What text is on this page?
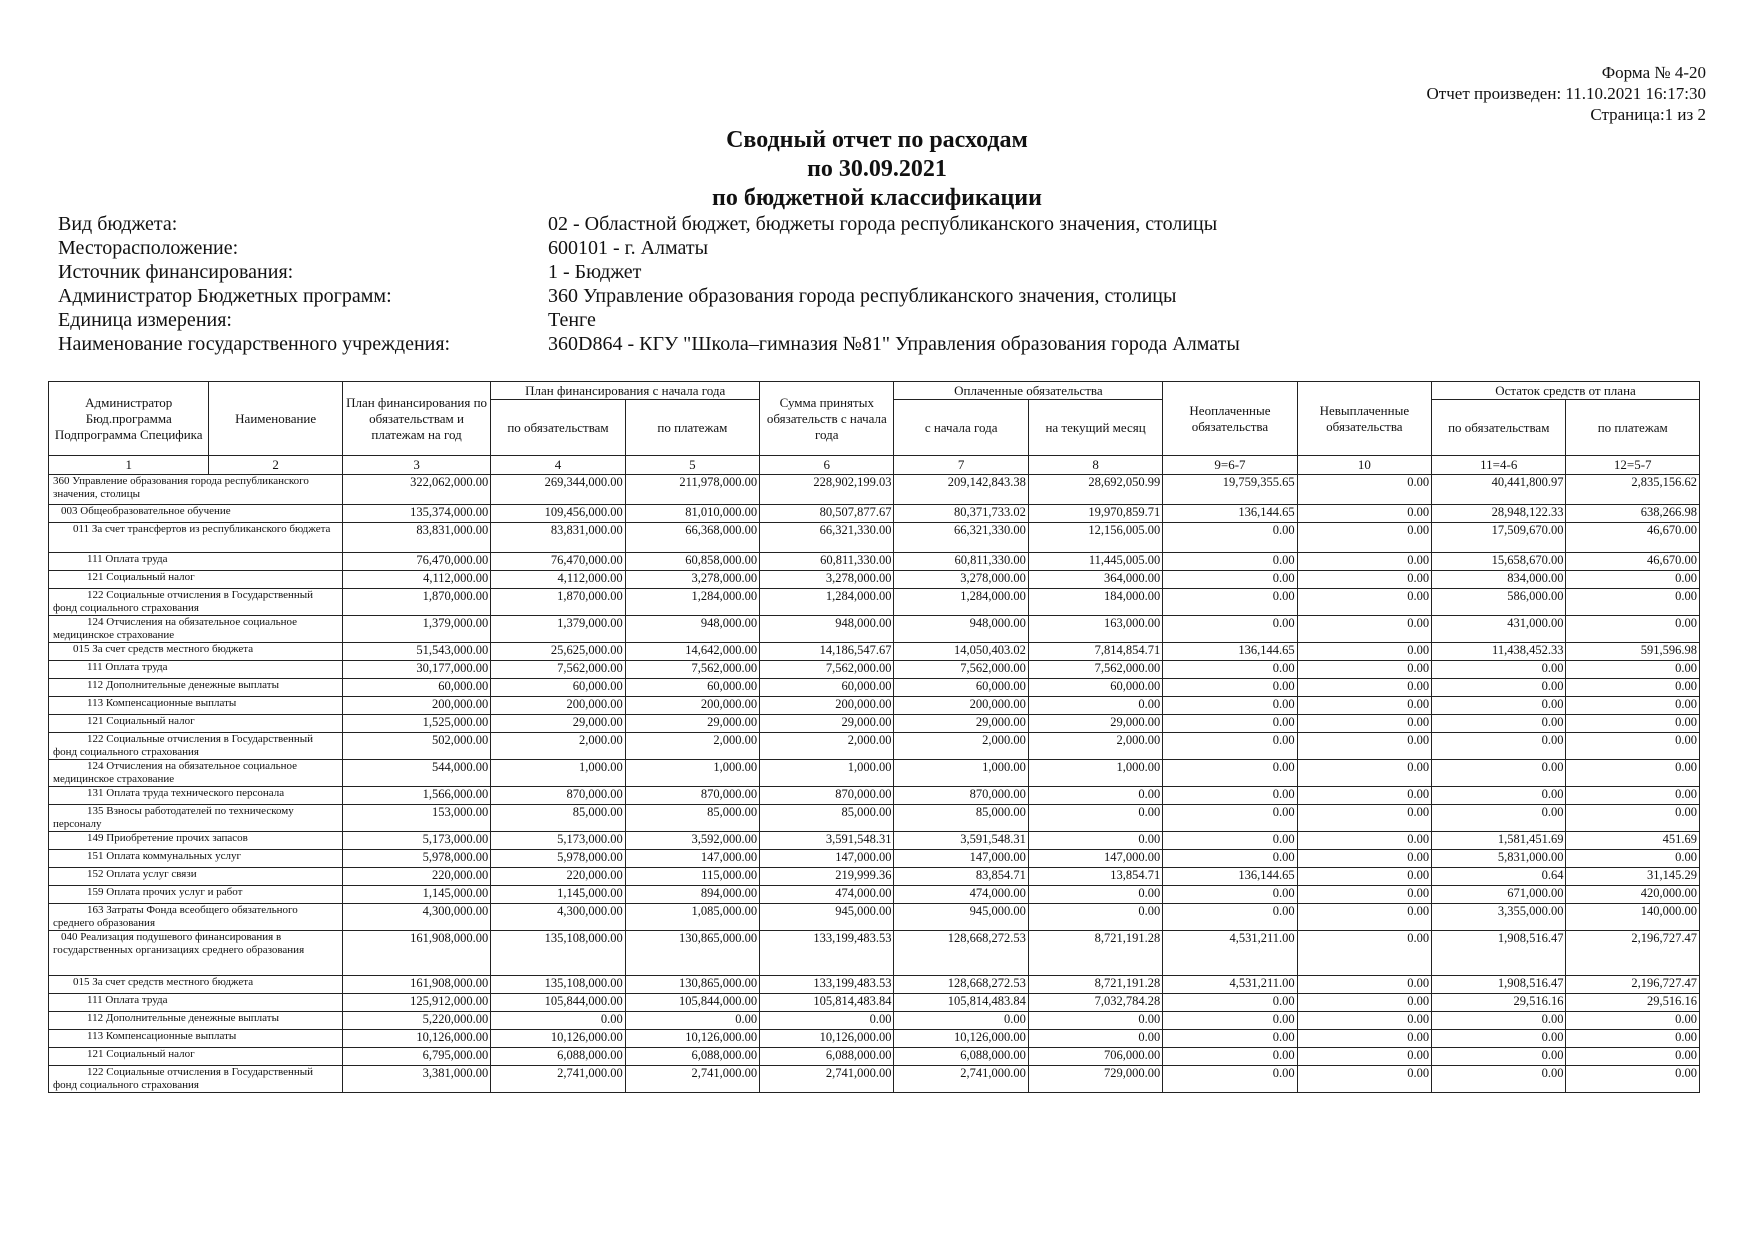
Форма № 4-20
Отчет произведен: 11.10.2021 16:17:30
Страница:1 из 2
Сводный отчет по расходам
по 30.09.2021
по бюджетной классификации
Вид бюджета:	02 - Областной бюджет, бюджеты города республиканского значения, столицы
Месторасположение:	600101 - г. Алматы
Источник финансирования:	1 - Бюджет
Администратор Бюджетных программ:	360 Управление образования города республиканского значения, столицы
Единица измерения:	Тенге
Наименование государственного учреждения:	360D864 - КГУ "Школа–гимназия №81" Управления образования города Алматы
Администратор Бюд.программа Подпрограмма Специфика	Наименование	План финансирования по обязательствам и платежам на год	План финансирования с начала года		Сумма принятых обязательств с начала года	Оплаченные обязательства		Неоплаченные обязательства	Невыплаченные обязательства	Остаток средств от плана	
			по обязательствам	по платежам		с начала года	на текущий месяц			по обязательствам	по платежам
1	2	3	4	5	6	7	8	9=6-7	10	11=4-6	12=5-7
360 Управление образования города республиканского значения, столицы		322,062,000.00	269,344,000.00	211,978,000.00	228,902,199.03	209,142,843.38	28,692,050.99	19,759,355.65	0.00	40,441,800.97	2,835,156.62
003 Общеобразовательное обучение		135,374,000.00	109,456,000.00	81,010,000.00	80,507,877.67	80,371,733.02	19,970,859.71	136,144.65	0.00	28,948,122.33	638,266.98
011 За счет трансфертов из республиканского бюджета		83,831,000.00	83,831,000.00	66,368,000.00	66,321,330.00	66,321,330.00	12,156,005.00	0.00	0.00	17,509,670.00	46,670.00
111 Оплата труда		76,470,000.00	76,470,000.00	60,858,000.00	60,811,330.00	60,811,330.00	11,445,005.00	0.00	0.00	15,658,670.00	46,670.00
121 Социальный налог		4,112,000.00	4,112,000.00	3,278,000.00	3,278,000.00	3,278,000.00	364,000.00	0.00	0.00	834,000.00	0.00
122 Социальные отчисления в Государственный фонд социального страхования		1,870,000.00	1,870,000.00	1,284,000.00	1,284,000.00	1,284,000.00	184,000.00	0.00	0.00	586,000.00	0.00
124 Отчисления на обязательное социальное медицинское страхование		1,379,000.00	1,379,000.00	948,000.00	948,000.00	948,000.00	163,000.00	0.00	0.00	431,000.00	0.00
015 За счет средств местного бюджета		51,543,000.00	25,625,000.00	14,642,000.00	14,186,547.67	14,050,403.02	7,814,854.71	136,144.65	0.00	11,438,452.33	591,596.98
111 Оплата труда		30,177,000.00	7,562,000.00	7,562,000.00	7,562,000.00	7,562,000.00	7,562,000.00	0.00	0.00	0.00	0.00
112 Дополнительные денежные выплаты		60,000.00	60,000.00	60,000.00	60,000.00	60,000.00	60,000.00	0.00	0.00	0.00	0.00
113 Компенсационные выплаты		200,000.00	200,000.00	200,000.00	200,000.00	200,000.00	0.00	0.00	0.00	0.00	0.00
121 Социальный налог		1,525,000.00	29,000.00	29,000.00	29,000.00	29,000.00	29,000.00	0.00	0.00	0.00	0.00
122 Социальные отчисления в Государственный фонд социального страхования		502,000.00	2,000.00	2,000.00	2,000.00	2,000.00	2,000.00	0.00	0.00	0.00	0.00
124 Отчисления на обязательное социальное медицинское страхование		544,000.00	1,000.00	1,000.00	1,000.00	1,000.00	1,000.00	0.00	0.00	0.00	0.00
131 Оплата труда технического персонала		1,566,000.00	870,000.00	870,000.00	870,000.00	870,000.00	0.00	0.00	0.00	0.00	0.00
135 Взносы работодателей по техническому персоналу		153,000.00	85,000.00	85,000.00	85,000.00	85,000.00	0.00	0.00	0.00	0.00	0.00
149 Приобретение прочих запасов		5,173,000.00	5,173,000.00	3,592,000.00	3,591,548.31	3,591,548.31	0.00	0.00	0.00	1,581,451.69	451.69
151 Оплата коммунальных услуг		5,978,000.00	5,978,000.00	147,000.00	147,000.00	147,000.00	147,000.00	0.00	0.00	5,831,000.00	0.00
152 Оплата услуг связи		220,000.00	220,000.00	115,000.00	219,999.36	83,854.71	13,854.71	136,144.65	0.00	0.64	31,145.29
159 Оплата прочих услуг и работ		1,145,000.00	1,145,000.00	894,000.00	474,000.00	474,000.00	0.00	0.00	0.00	671,000.00	420,000.00
163 Затраты Фонда всеобщего обязательного среднего образования		4,300,000.00	4,300,000.00	1,085,000.00	945,000.00	945,000.00	0.00	0.00	0.00	3,355,000.00	140,000.00
040 Реализация подушевого финансирования в государственных организациях среднего образования		161,908,000.00	135,108,000.00	130,865,000.00	133,199,483.53	128,668,272.53	8,721,191.28	4,531,211.00	0.00	1,908,516.47	2,196,727.47
015 За счет средств местного бюджета		161,908,000.00	135,108,000.00	130,865,000.00	133,199,483.53	128,668,272.53	8,721,191.28	4,531,211.00	0.00	1,908,516.47	2,196,727.47
111 Оплата труда		125,912,000.00	105,844,000.00	105,844,000.00	105,814,483.84	105,814,483.84	7,032,784.28	0.00	0.00	29,516.16	29,516.16
112 Дополнительные денежные выплаты		5,220,000.00	0.00	0.00	0.00	0.00	0.00	0.00	0.00	0.00	0.00
113 Компенсационные выплаты		10,126,000.00	10,126,000.00	10,126,000.00	10,126,000.00	10,126,000.00	0.00	0.00	0.00	0.00	0.00
121 Социальный налог		6,795,000.00	6,088,000.00	6,088,000.00	6,088,000.00	6,088,000.00	706,000.00	0.00	0.00	0.00	0.00
122 Социальные отчисления в Государственный фонд социального страхования		3,381,000.00	2,741,000.00	2,741,000.00	2,741,000.00	2,741,000.00	729,000.00	0.00	0.00	0.00	0.00
